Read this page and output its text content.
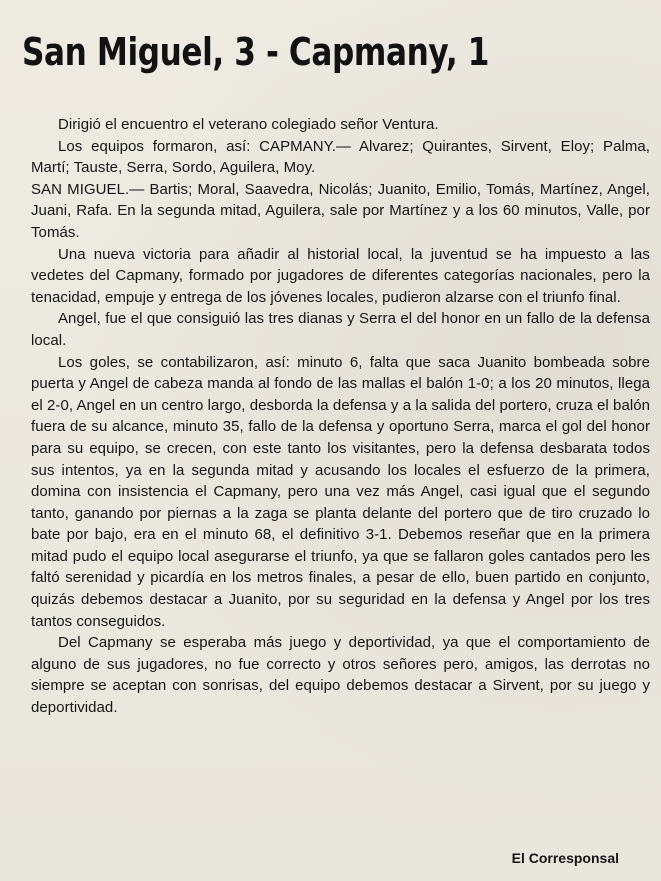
San Miguel, 3 - Capmany, 1

Dirigió el encuentro el veterano colegiado señor Ventura.

Los equipos formaron, así: CAPMANY.— Alvarez; Quirantes, Sirvent, Eloy; Palma, Martí; Tauste, Serra, Sordo, Aguilera, Moy.

SAN MIGUEL.— Bartis; Moral, Saavedra, Nicolás; Juanito, Emilio, Tomás, Martínez, Angel, Juani, Rafa. En la segunda mitad, Aguilera, sale por Martínez y a los 60 minutos, Valle, por Tomás.

Una nueva victoria para añadir al historial local, la juventud se ha impuesto a las vedetes del Capmany, formado por jugadores de diferentes categorías nacionales, pero la tenacidad, empuje y entrega de los jóvenes locales, pudieron alzarse con el triunfo final.

Angel, fue el que consiguió las tres dianas y Serra el del honor en un fallo de la defensa local.

Los goles, se contabilizaron, así: minuto 6, falta que saca Juanito bombeada sobre puerta y Angel de cabeza manda al fondo de las mallas el balón 1-0; a los 20 minutos, llega el 2-0, Angel en un centro largo, desborda la defensa y a la salida del portero, cruza el balón fuera de su alcance, minuto 35, fallo de la defensa y oportuno Serra, marca el gol del honor para su equipo, se crecen, con este tanto los visitantes, pero la defensa desbarata todos sus intentos, ya en la segunda mitad y acusando los locales el esfuerzo de la primera, domina con insistencia el Capmany, pero una vez más Angel, casi igual que el segundo tanto, ganando por piernas a la zaga se planta delante del portero que de tiro cruzado lo bate por bajo, era en el minuto 68, el definitivo 3-1. Debemos reseñar que en la primera mitad pudo el equipo local asegurarse el triunfo, ya que se fallaron goles cantados pero les faltó serenidad y picardía en los metros finales, a pesar de ello, buen partido en conjunto, quizás debemos destacar a Juanito, por su seguridad en la defensa y Angel por los tres tantos conseguidos.

Del Capmany se esperaba más juego y deportividad, ya que el comportamiento de alguno de sus jugadores, no fue correcto y otros señores pero, amigos, las derrotas no siempre se aceptan con sonrisas, del equipo debemos destacar a Sirvent, por su juego y deportividad.

El Corresponsal
